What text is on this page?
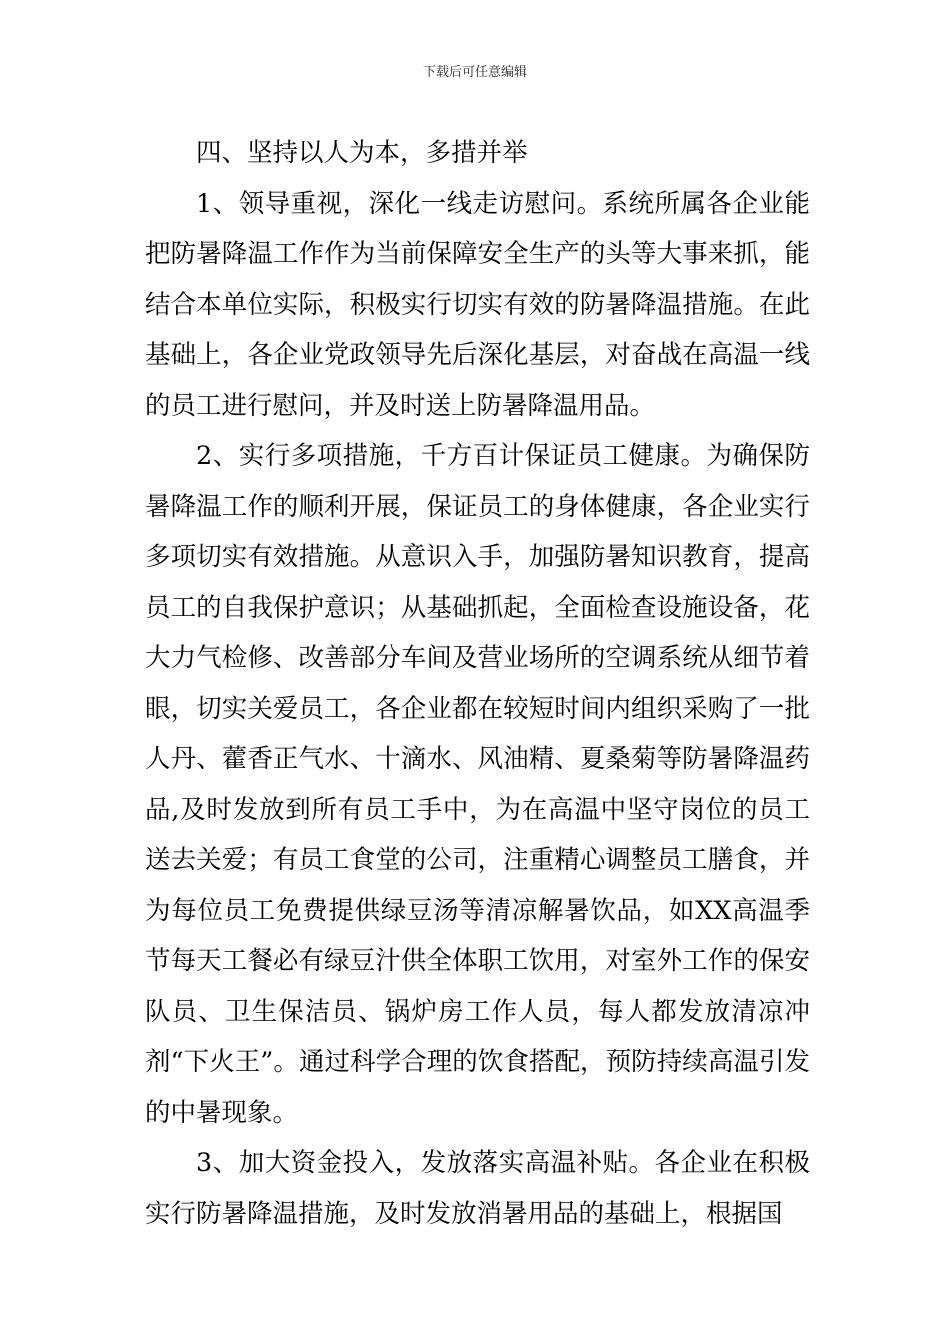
下载后可任意编辑

四、坚持以人为本，多措并举

1、领导重视，深化一线走访慰问。系统所属各企业能把防暑降温工作作为当前保障安全生产的头等大事来抓，能结合本单位实际，积极实行切实有效的防暑降温措施。在此基础上，各企业党政领导先后深化基层，对奋战在高温一线的员工进行慰问，并及时送上防暑降温用品。

2、实行多项措施，千方百计保证员工健康。为确保防暑降温工作的顺利开展，保证员工的身体健康，各企业实行多项切实有效措施。从意识入手，加强防暑知识教育，提高员工的自我保护意识；从基础抓起，全面检查设施设备，花大力气检修、改善部分车间及营业场所的空调系统从细节着眼，切实关爱员工，各企业都在较短时间内组织采购了一批人丹、藿香正气水、十滴水、风油精、夏桑菊等防暑降温药品,及时发放到所有员工手中，为在高温中坚守岗位的员工送去关爱；有员工食堂的公司，注重精心调整员工膳食，并为每位员工免费提供绿豆汤等清凉解暑饮品，如XX高温季节每天工餐必有绿豆汁供全体职工饮用，对室外工作的保安队员、卫生保洁员、锅炉房工作人员，每人都发放清凉冲剂“下火王”。通过科学合理的饮食搭配，预防持续高温引发的中暑现象。

3、加大资金投入，发放落实高温补贴。各企业在积极实行防暑降温措施，及时发放消暑用品的基础上，根据国
